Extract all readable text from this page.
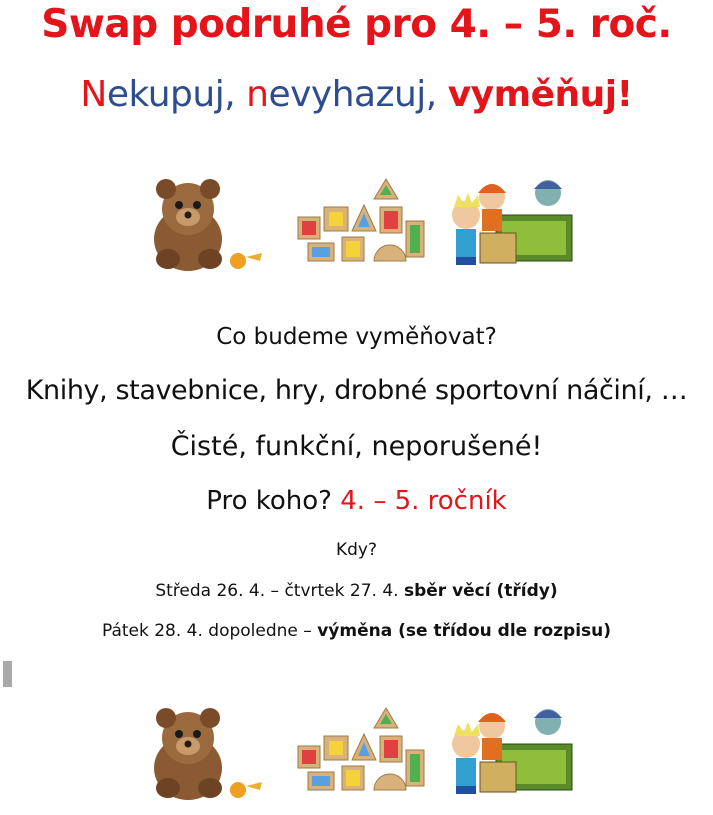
Swap podruhé pro 4. – 5. roč.
Nekupuj, nevyhazuj, vyměňuj!
Co budeme vyměňovat?
Knihy, stavebnice, hry, drobné sportovní náčiní, …
Čisté, funkční, neporušené!
Pro koho? 4. – 5. ročník
Kdy?
Středa 26. 4. – čtvrtek 27. 4. sběr věcí (třídy)
Pátek 28. 4. dopoledne – výměna (se třídou dle rozpisu)
